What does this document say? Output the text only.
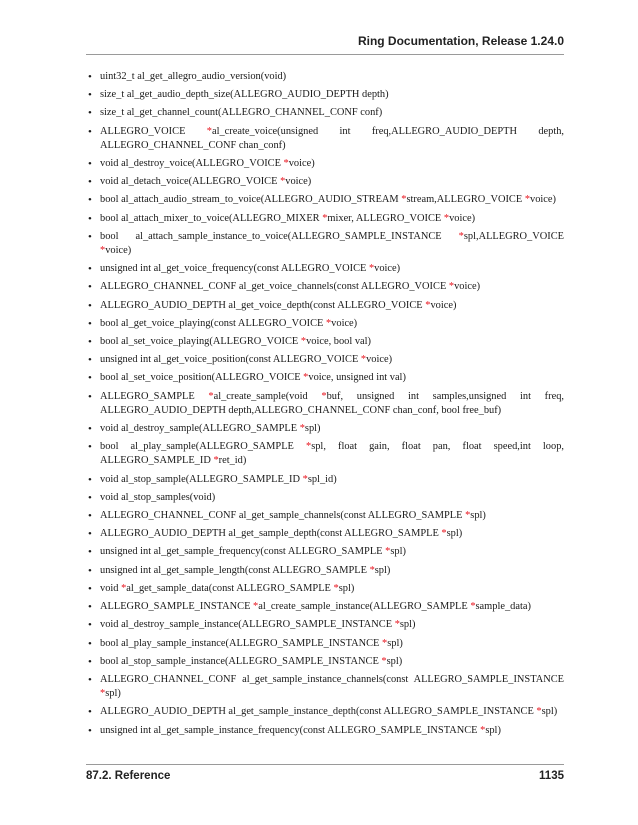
Ring Documentation, Release 1.24.0
• uint32_t al_get_allegro_audio_version(void)
• size_t al_get_audio_depth_size(ALLEGRO_AUDIO_DEPTH depth)
• size_t al_get_channel_count(ALLEGRO_CHANNEL_CONF conf)
• ALLEGRO_VOICE *al_create_voice(unsigned int freq,ALLEGRO_AUDIO_DEPTH depth, ALLEGRO_CHANNEL_CONF chan_conf)
• void al_destroy_voice(ALLEGRO_VOICE *voice)
• void al_detach_voice(ALLEGRO_VOICE *voice)
• bool al_attach_audio_stream_to_voice(ALLEGRO_AUDIO_STREAM *stream,ALLEGRO_VOICE *voice)
• bool al_attach_mixer_to_voice(ALLEGRO_MIXER *mixer, ALLEGRO_VOICE *voice)
• bool al_attach_sample_instance_to_voice(ALLEGRO_SAMPLE_INSTANCE *spl,ALLEGRO_VOICE *voice)
• unsigned int al_get_voice_frequency(const ALLEGRO_VOICE *voice)
• ALLEGRO_CHANNEL_CONF al_get_voice_channels(const ALLEGRO_VOICE *voice)
• ALLEGRO_AUDIO_DEPTH al_get_voice_depth(const ALLEGRO_VOICE *voice)
• bool al_get_voice_playing(const ALLEGRO_VOICE *voice)
• bool al_set_voice_playing(ALLEGRO_VOICE *voice, bool val)
• unsigned int al_get_voice_position(const ALLEGRO_VOICE *voice)
• bool al_set_voice_position(ALLEGRO_VOICE *voice, unsigned int val)
• ALLEGRO_SAMPLE *al_create_sample(void *buf, unsigned int samples,unsigned int freq, ALLEGRO_AUDIO_DEPTH depth,ALLEGRO_CHANNEL_CONF chan_conf, bool free_buf)
• void al_destroy_sample(ALLEGRO_SAMPLE *spl)
• bool al_play_sample(ALLEGRO_SAMPLE *spl, float gain, float pan, float speed,int loop, ALLEGRO_SAMPLE_ID *ret_id)
• void al_stop_sample(ALLEGRO_SAMPLE_ID *spl_id)
• void al_stop_samples(void)
• ALLEGRO_CHANNEL_CONF al_get_sample_channels(const ALLEGRO_SAMPLE *spl)
• ALLEGRO_AUDIO_DEPTH al_get_sample_depth(const ALLEGRO_SAMPLE *spl)
• unsigned int al_get_sample_frequency(const ALLEGRO_SAMPLE *spl)
• unsigned int al_get_sample_length(const ALLEGRO_SAMPLE *spl)
• void *al_get_sample_data(const ALLEGRO_SAMPLE *spl)
• ALLEGRO_SAMPLE_INSTANCE *al_create_sample_instance(ALLEGRO_SAMPLE *sample_data)
• void al_destroy_sample_instance(ALLEGRO_SAMPLE_INSTANCE *spl)
• bool al_play_sample_instance(ALLEGRO_SAMPLE_INSTANCE *spl)
• bool al_stop_sample_instance(ALLEGRO_SAMPLE_INSTANCE *spl)
• ALLEGRO_CHANNEL_CONF al_get_sample_instance_channels(const ALLEGRO_SAMPLE_INSTANCE *spl)
• ALLEGRO_AUDIO_DEPTH al_get_sample_instance_depth(const ALLEGRO_SAMPLE_INSTANCE *spl)
• unsigned int al_get_sample_instance_frequency(const ALLEGRO_SAMPLE_INSTANCE *spl)
87.2. Reference	1135
